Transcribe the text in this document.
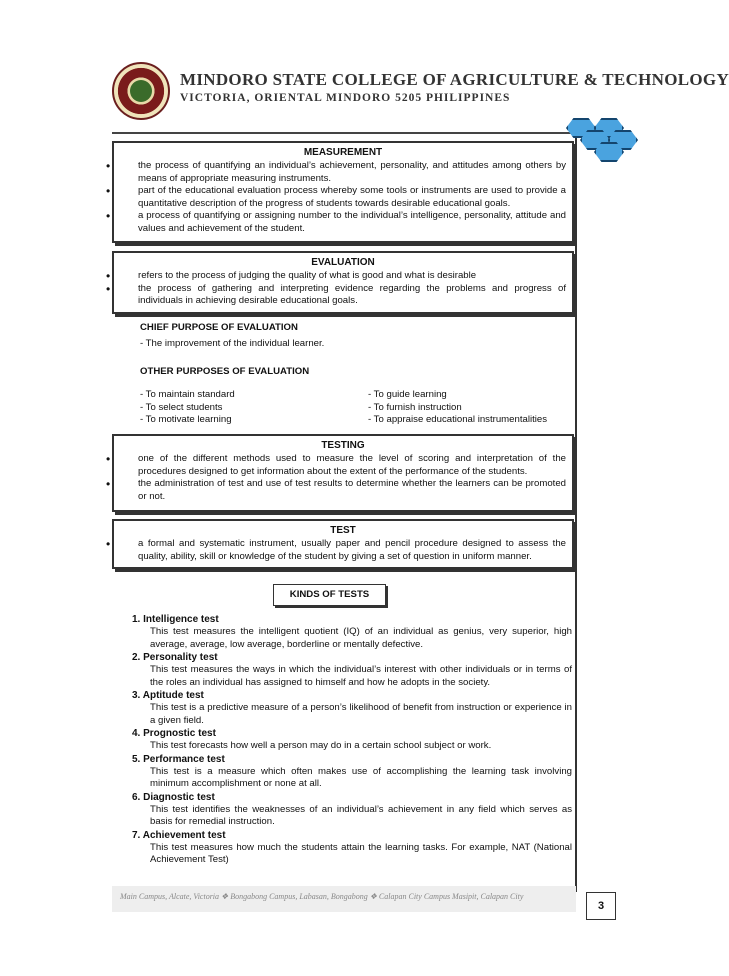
MINDORO STATE COLLEGE OF AGRICULTURE & TECHNOLOGY
VICTORIA, ORIENTAL MINDORO 5205 PHILIPPINES
MEASUREMENT
• the process of quantifying an individual’s achievement, personality, and attitudes among others by means of appropriate measuring instruments.
• part of the educational evaluation process whereby some tools or instruments are used to provide a quantitative description of the progress of students towards desirable educational goals.
• a process of quantifying or assigning number to the individual’s intelligence, personality, attitude and values and achievement of the student.
EVALUATION
• refers to the process of judging the quality of what is good and what is desirable
• the process of gathering and interpreting evidence regarding the problems and progress of individuals in achieving desirable educational goals.
CHIEF PURPOSE OF EVALUATION
- The improvement of the individual learner.
OTHER PURPOSES OF EVALUATION
- To maintain standard
- To select students
- To motivate learning
- To guide learning
- To furnish instruction
- To appraise educational instrumentalities
TESTING
• one of the different methods used to measure the level of scoring and interpretation of the procedures designed to get information about the extent of the performance of the students.
• the administration of test and use of test results to determine whether the learners can be promoted or not.
TEST
• a formal and systematic instrument, usually paper and pencil procedure designed to assess the quality, ability, skill or knowledge of the student by giving a set of question in uniform manner.
KINDS OF TESTS
1. Intelligence test
This test measures the intelligent quotient (IQ) of an individual as genius, very superior, high average, average, low average, borderline or mentally defective.
2. Personality test
This test measures the ways in which the individual’s interest with other individuals or in terms of the roles an individual has assigned to himself and how he adopts in the society.
3. Aptitude test
This test is a predictive measure of a person’s likelihood of benefit from instruction or experience in a given field.
4. Prognostic test
This test forecasts how well a person may do in a certain school subject or work.
5. Performance test
This test is a measure which often makes use of accomplishing the learning task involving minimum accomplishment or none at all.
6. Diagnostic test
This test identifies the weaknesses of an individual’s achievement in any field which serves as basis for remedial instruction.
7. Achievement test
This test measures how much the students attain the learning tasks. For example, NAT (National Achievement Test)
Main Campus, Alcate, Victoria ❖ Bongabong Campus, Labasan, Bongabong ❖ Calapan City Campus Masipit, Calapan City
3
